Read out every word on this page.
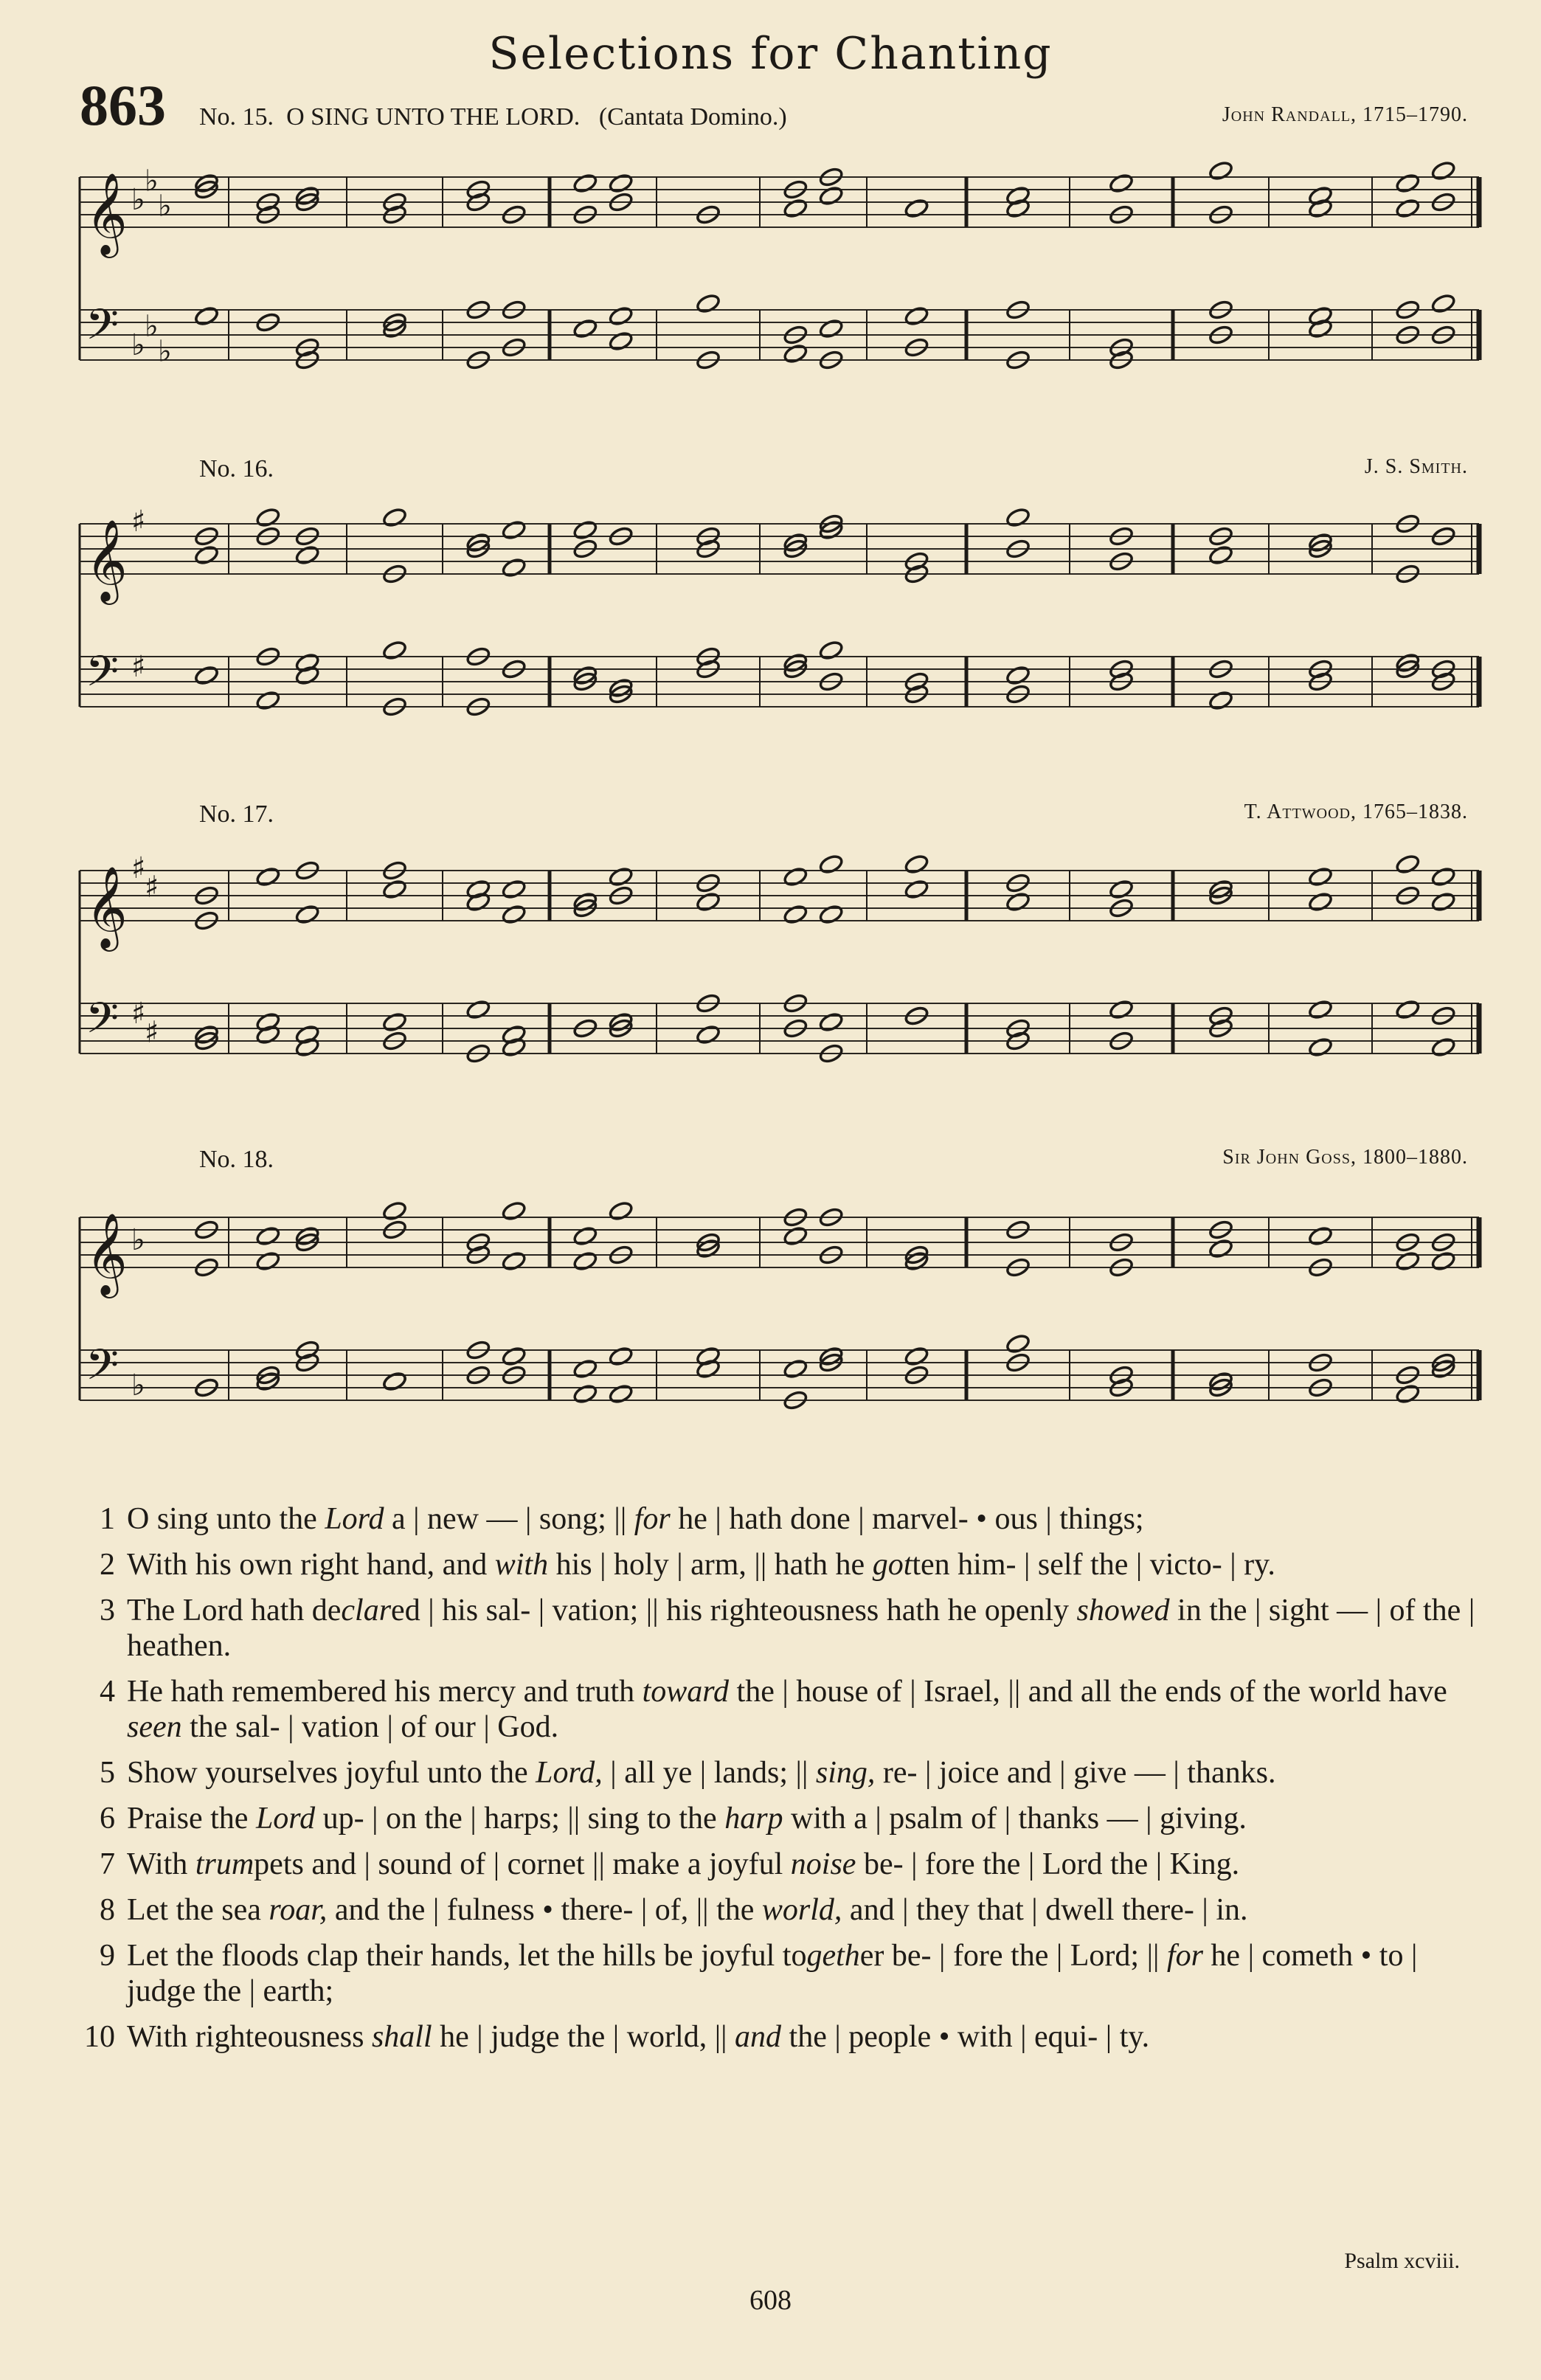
Selections for Chanting
863 No. 15. O SING UNTO THE LORD. (Cantata Domino.)	John Randall, 1715–1790.
No. 16.	J. S. Smith.
No. 17.	T. Attwood, 1765–1838.
No. 18.	Sir John Goss, 1800–1880.
𝄞 ♭
♭
♭
𝄢 ♭
♭
♭
𝄞 ♯
𝄢 ♯
𝄞 ♯
♯
𝄢 ♯
♯
𝄞 ♭
𝄢 ♭
1 O sing unto the Lord a | new — | song; || for he | hath done | marvel- • ous | things;
2 With his own right hand, and with his | holy | arm, || hath he gotten him- | self the | victo- | ry.
3 The Lord hath declared | his sal- | vation; || his righteousness hath he openly showed in the | sight — | of the | heathen.
4 He hath remembered his mercy and truth toward the | house of | Israel, || and all the ends of the world have seen the sal- | vation | of our | God.
5 Show yourselves joyful unto the Lord, | all ye | lands; || sing, re- | joice and | give — | thanks.
6 Praise the Lord up- | on the | harps; || sing to the harp with a | psalm of | thanks — | giving.
7 With trumpets and | sound of | cornet || make a joyful noise be- | fore the | Lord the | King.
8 Let the sea roar, and the | fulness • there- | of, || the world, and | they that | dwell there- | in.
9 Let the floods clap their hands, let the hills be joyful together be- | fore the | Lord; || for he | cometh • to | judge the | earth;
10 With righteousness shall he | judge the | world, || and the | people • with | equi- | ty.
Psalm xcviii.
608
